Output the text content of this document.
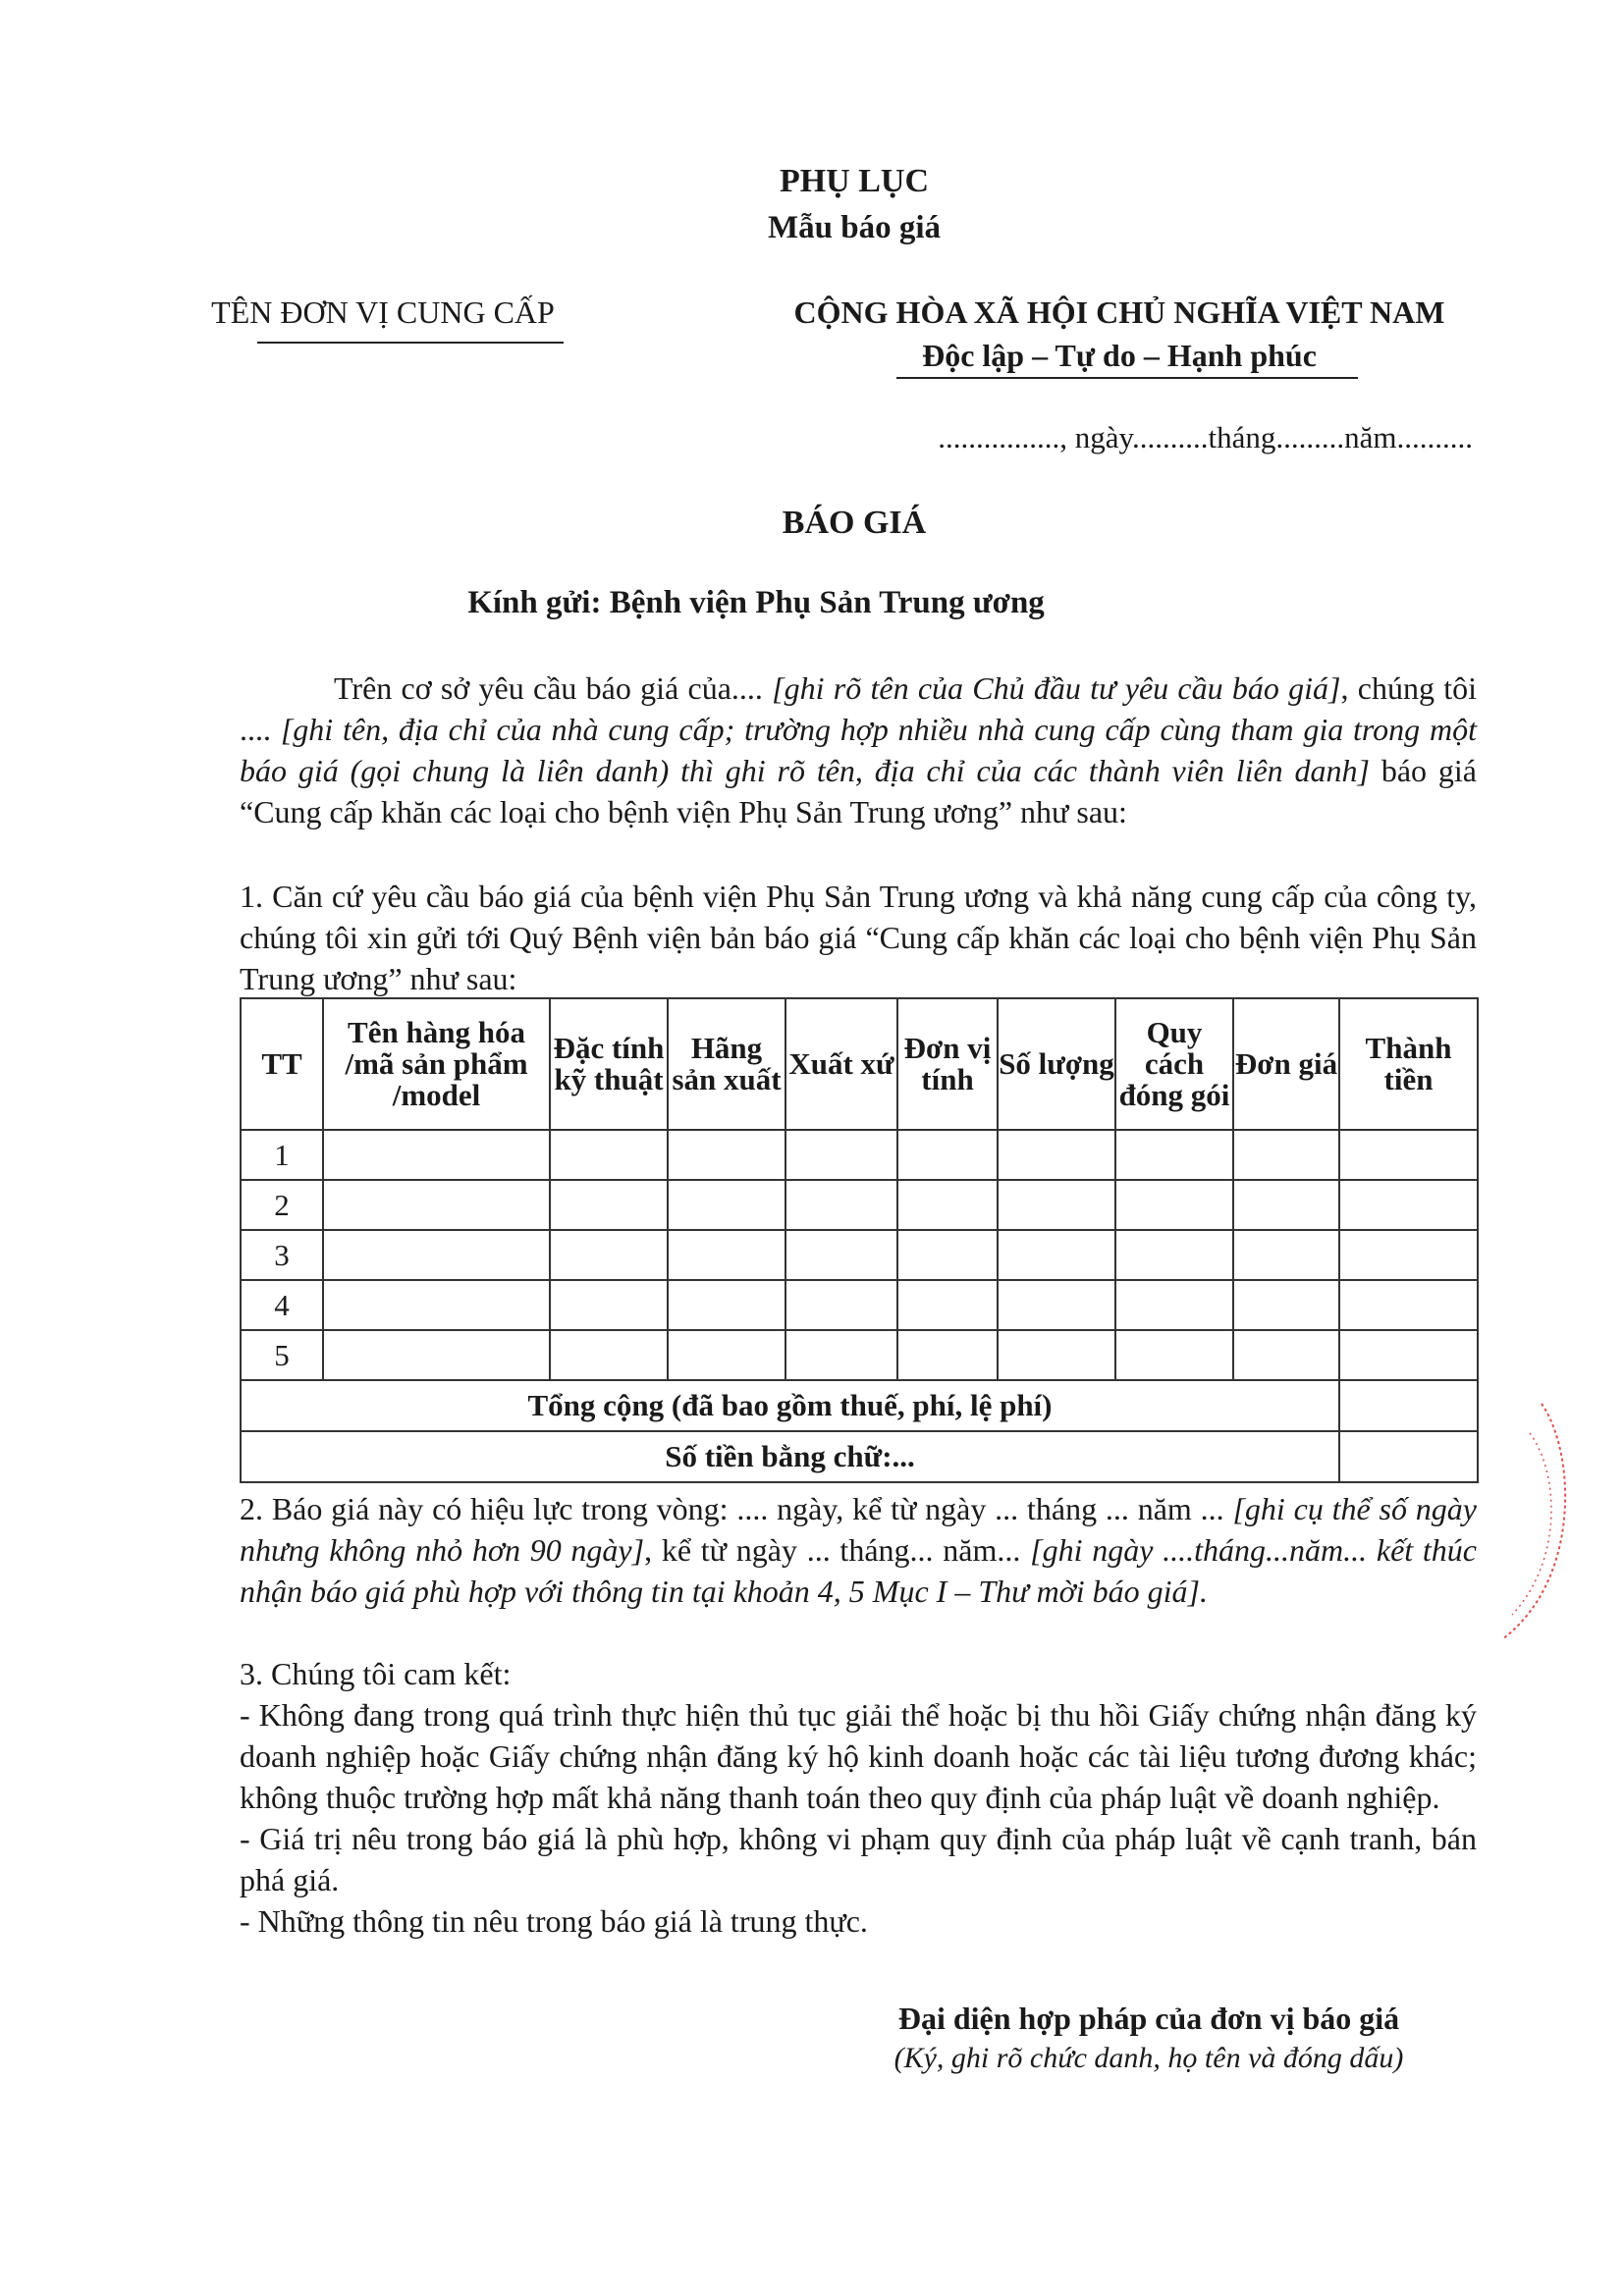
PHỤ LỤC
Mẫu báo giá
TÊN ĐƠN VỊ CUNG CẤP	CỘNG HÒA XÃ HỘI CHỦ NGHĨA VIỆT NAM
Độc lập – Tự do – Hạnh phúc
................, ngày..........tháng.........năm..........
BÁO GIÁ
Kính gửi: Bệnh viện Phụ Sản Trung ương
Trên cơ sở yêu cầu báo giá của.... [ghi rõ tên của Chủ đầu tư yêu cầu báo giá], chúng tôi .... [ghi tên, địa chỉ của nhà cung cấp; trường hợp nhiều nhà cung cấp cùng tham gia trong một báo giá (gọi chung là liên danh) thì ghi rõ tên, địa chỉ của các thành viên liên danh] báo giá “Cung cấp khăn các loại cho bệnh viện Phụ Sản Trung ương” như sau:
1. Căn cứ yêu cầu báo giá của bệnh viện Phụ Sản Trung ương và khả năng cung cấp của công ty, chúng tôi xin gửi tới Quý Bệnh viện bản báo giá “Cung cấp khăn các loại cho bệnh viện Phụ Sản Trung ương” như sau:
TT	Tên hàng hóa /mã sản phẩm /model	Đặc tính kỹ thuật	Hãng sản xuất	Xuất xứ	Đơn vị tính	Số lượng	Quy cách đóng gói	Đơn giá	Thành tiền
1									
2									
3									
4									
5									
Tổng cộng (đã bao gồm thuế, phí, lệ phí)									
Số tiền bằng chữ:...									
2. Báo giá này có hiệu lực trong vòng: .... ngày, kể từ ngày ... tháng ... năm ... [ghi cụ thể số ngày nhưng không nhỏ hơn 90 ngày], kể từ ngày ... tháng... năm... [ghi ngày ....tháng...năm... kết thúc nhận báo giá phù hợp với thông tin tại khoản 4, 5 Mục I – Thư mời báo giá].
3. Chúng tôi cam kết:
- Không đang trong quá trình thực hiện thủ tục giải thể hoặc bị thu hồi Giấy chứng nhận đăng ký doanh nghiệp hoặc Giấy chứng nhận đăng ký hộ kinh doanh hoặc các tài liệu tương đương khác; không thuộc trường hợp mất khả năng thanh toán theo quy định của pháp luật về doanh nghiệp.
- Giá trị nêu trong báo giá là phù hợp, không vi phạm quy định của pháp luật về cạnh tranh, bán phá giá.
- Những thông tin nêu trong báo giá là trung thực.
Đại diện hợp pháp của đơn vị báo giá
(Ký, ghi rõ chức danh, họ tên và đóng dấu)
